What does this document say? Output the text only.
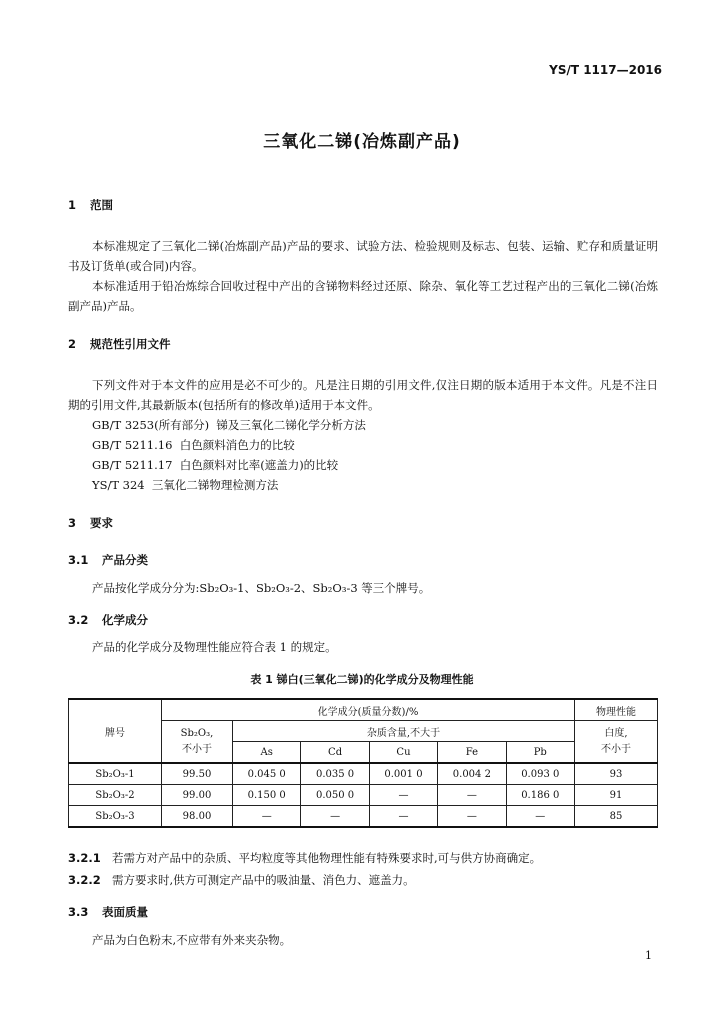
YS/T 1117—2016
三氧化二锑(冶炼副产品)
1 范围
本标准规定了三氧化二锑(冶炼副产品)产品的要求、试验方法、检验规则及标志、包装、运输、贮存和质量证明书及订货单(或合同)内容。
本标准适用于铅冶炼综合回收过程中产出的含锑物料经过还原、除杂、氧化等工艺过程产出的三氧化二锑(冶炼副产品)产品。
2 规范性引用文件
下列文件对于本文件的应用是必不可少的。凡是注日期的引用文件,仅注日期的版本适用于本文件。凡是不注日期的引用文件,其最新版本(包括所有的修改单)适用于本文件。
GB/T 3253(所有部分)  锑及三氧化二锑化学分析方法
GB/T 5211.16  白色颜料消色力的比较
GB/T 5211.17  白色颜料对比率(遮盖力)的比较
YS/T 324  三氧化二锑物理检测方法
3 要求
3.1 产品分类
产品按化学成分分为:Sb₂O₃-1、Sb₂O₃-2、Sb₂O₃-3 等三个牌号。
3.2 化学成分
产品的化学成分及物理性能应符合表 1 的规定。
表 1 锑白(三氧化二锑)的化学成分及物理性能
牌号	化学成分(质量分数)/%						物理性能
	Sb₂O₃,
不小于	杂质含量,不大于					白度,
不小于
		As	Cd	Cu	Fe	Pb	
Sb₂O₃-1	99.50	0.045 0	0.035 0	0.001 0	0.004 2	0.093 0	93
Sb₂O₃-2	99.00	0.150 0	0.050 0	—	—	0.186 0	91
Sb₂O₃-3	98.00	—	—	—	—	—	85
3.2.1 若需方对产品中的杂质、平均粒度等其他物理性能有特殊要求时,可与供方协商确定。
3.2.2 需方要求时,供方可测定产品中的吸油量、消色力、遮盖力。
3.3 表面质量
产品为白色粉末,不应带有外来夹杂物。
1
